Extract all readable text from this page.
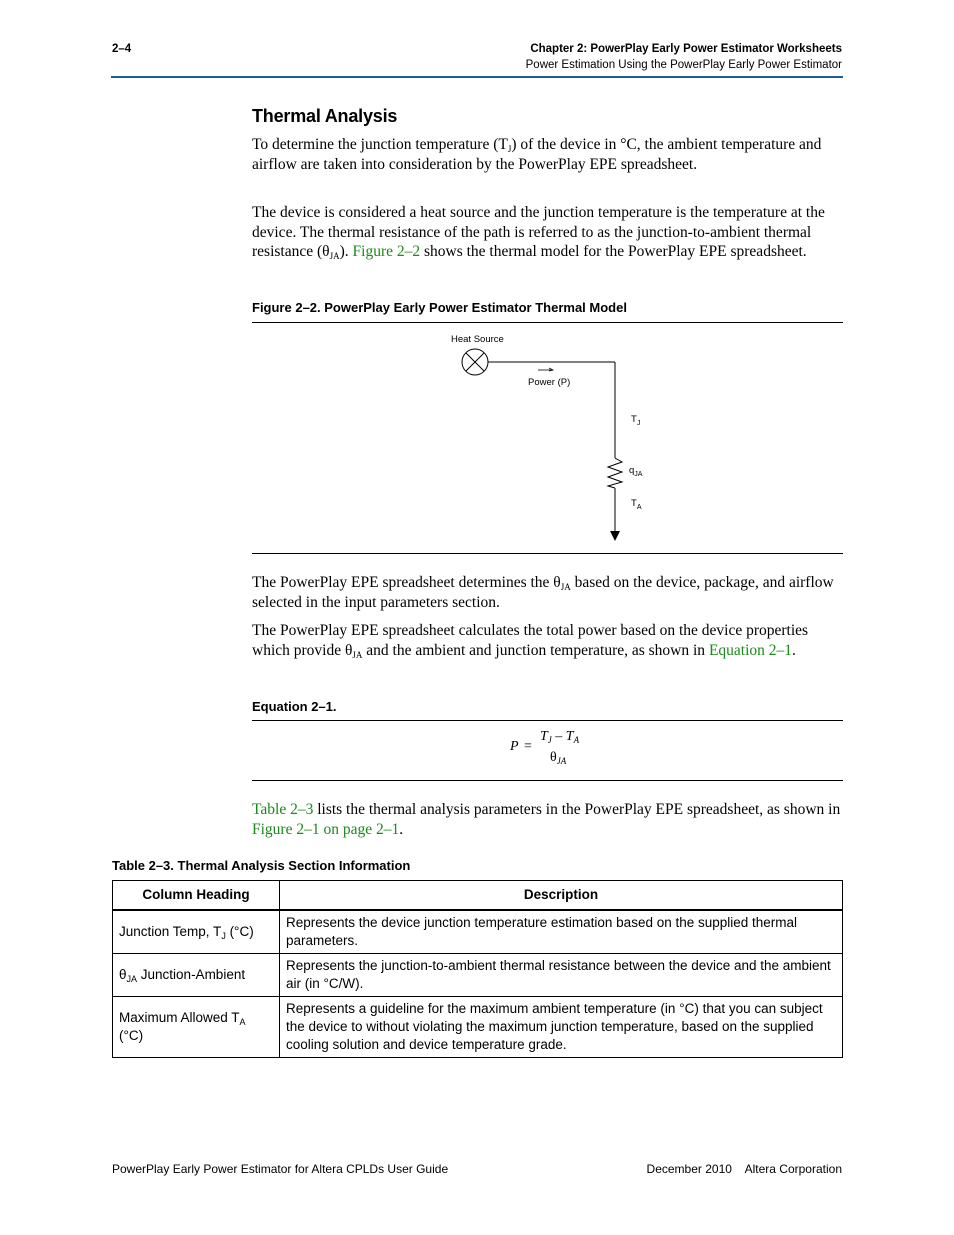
2–4	Chapter 2: PowerPlay Early Power Estimator Worksheets
Power Estimation Using the PowerPlay Early Power Estimator
Thermal Analysis
To determine the junction temperature $(T_J)$ of the device in °C, the ambient temperature and airflow are taken into consideration by the PowerPlay EPE spreadsheet.
The device is considered a heat source and the junction temperature is the temperature at the device. The thermal resistance of the path is referred to as the junction-to-ambient thermal resistance $(\theta_{JA})$. Figure 2–2 shows the thermal model for the PowerPlay EPE spreadsheet.
Figure 2–2. PowerPlay Early Power Estimator Thermal Model
Heat Source
Power (P)
$T_J$
$q_{JA}$
$T_A$
The PowerPlay EPE spreadsheet determines the $\theta_{JA}$ based on the device, package, and airflow selected in the input parameters section.
The PowerPlay EPE spreadsheet calculates the total power based on the device properties which provide $\theta_{JA}$ and the ambient and junction temperature, as shown in Equation 2–1.
Equation 2–1.
P =
$T_J - T_A$
$\theta_{JA}$
Table 2–3 lists the thermal analysis parameters in the PowerPlay EPE spreadsheet, as shown in Figure 2–1 on page 2–1.
Table 2–3. Thermal Analysis Section Information
Column Heading	Description
Junction Temp, $T_J$ (°C)	Represents the device junction temperature estimation based on the supplied thermal parameters.
$\theta_{JA}$ Junction-Ambient	Represents the junction-to-ambient thermal resistance between the device and the ambient air (in °C/W).
Maximum Allowed $T_A$ (°C)	Represents a guideline for the maximum ambient temperature (in °C) that you can subject the device to without violating the maximum junction temperature, based on the supplied cooling solution and device temperature grade.
PowerPlay Early Power Estimator for Altera CPLDs User Guide	December 2010    Altera Corporation
